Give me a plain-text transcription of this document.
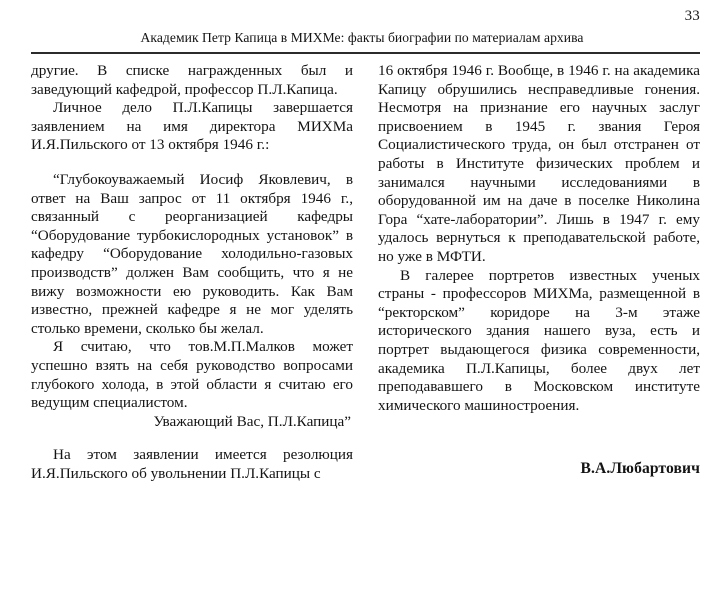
33
Академик Петр Капица в МИХМе: факты биографии по материалам архива

другие. В списке награжденных был и заведующий кафедрой, профессор П.Л.Капица.

Личное дело П.Л.Капицы завершается заявлением на имя директора МИХМа И.Я.Пильского от 13 октября 1946 г.:

“Глубокоуважаемый Иосиф Яковлевич, в ответ на Ваш запрос от 11 октября 1946 г., связанный с реорганизацией кафедры “Оборудование турбокислородных установок” в кафедру “Оборудование холодильно-газовых производств” должен Вам сообщить, что я не вижу возможности ею руководить. Как Вам известно, прежней кафедре я не мог уделять столько времени, сколько бы желал.

Я считаю, что тов.М.П.Малков может успешно взять на себя руководство вопросами глубокого холода, в этой области я считаю его ведущим специалистом.

Уважающий Вас, П.Л.Капица”

На этом заявлении имеется резолюция И.Я.Пильского об увольнении П.Л.Капицы с

16 октября 1946 г. Вообще, в 1946 г. на академика Капицу обрушились несправедливые гонения. Несмотря на признание его научных заслуг присвоением в 1945 г. звания Героя Социалистического труда, он был отстранен от работы в Институте физических проблем и занимался научными исследованиями в оборудованной им на даче в поселке Николина Гора “хате-лаборатории”. Лишь в 1947 г. ему удалось вернуться к преподавательской работе, но уже в МФТИ.

В галерее портретов известных ученых страны - профессоров МИХМа, размещенной в “ректорском” коридоре на 3-м этаже исторического здания нашего вуза, есть и портрет выдающегося физика современности, академика П.Л.Капицы, более двух лет преподававшего в Московском институте химического машиностроения.

В.А.Любартович
